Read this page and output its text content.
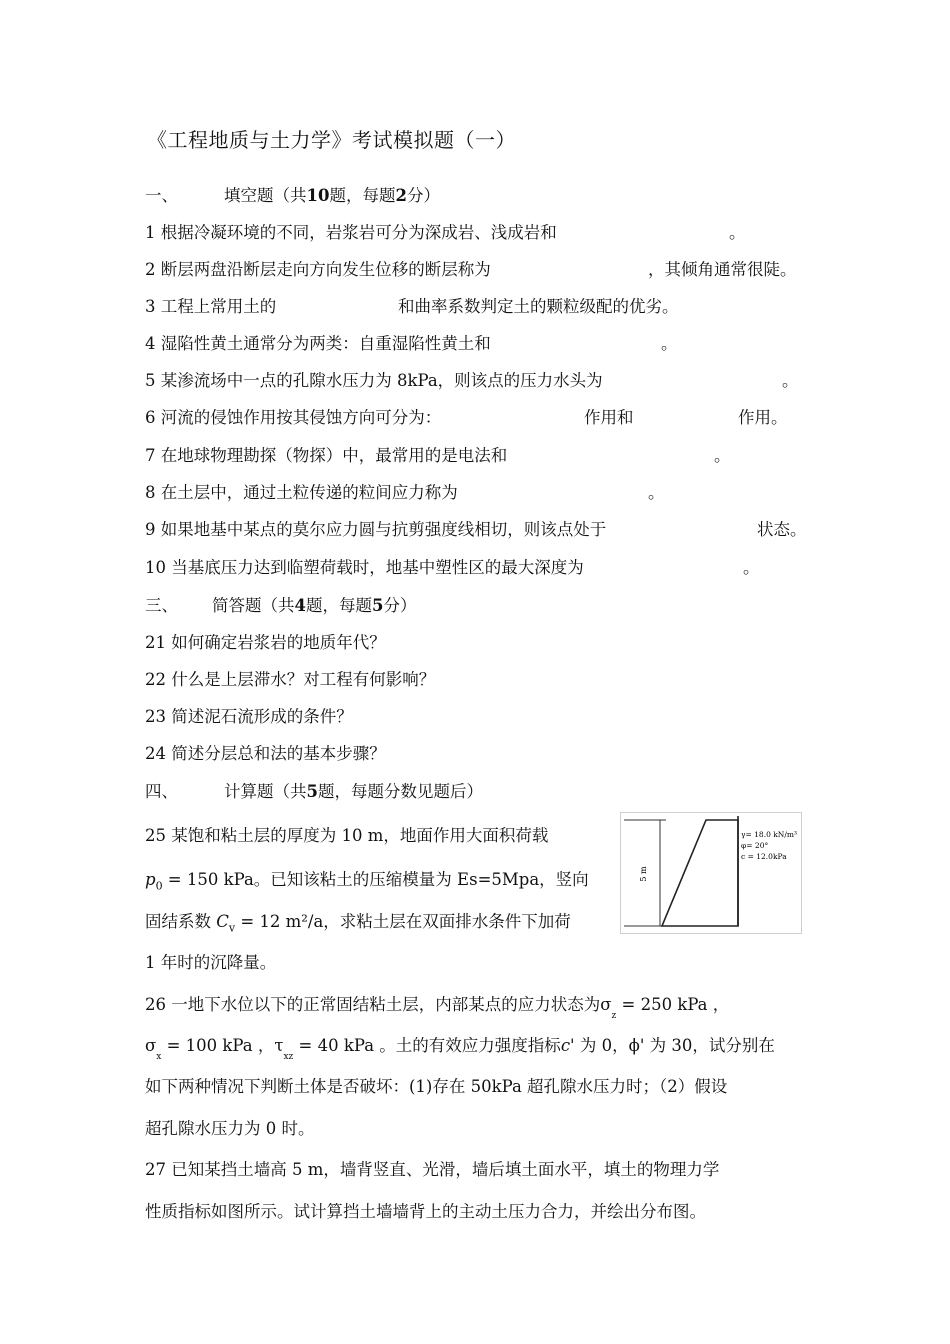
《工程地质与土力学》考试模拟题（一）
一、	填空题（共10题，每题2分）
1 根据冷凝环境的不同，岩浆岩可分为深成岩、浅成岩和	。
2 断层两盘沿断层走向方向发生位移的断层称为	，其倾角通常很陡。
3 工程上常用土的	和曲率系数判定土的颗粒级配的优劣。
4 湿陷性黄土通常分为两类：自重湿陷性黄土和	。
5 某渗流场中一点的孔隙水压力为 8kPa，则该点的压力水头为	。
6 河流的侵蚀作用按其侵蚀方向可分为：	作用和	作用。
7 在地球物理勘探（物探）中，最常用的是电法和	。
8 在土层中，通过土粒传递的粒间应力称为	。
9 如果地基中某点的莫尔应力圆与抗剪强度线相切，则该点处于	状态。
10 当基底压力达到临塑荷载时，地基中塑性区的最大深度为	。
三、 简答题（共4题，每题5分）
21 如何确定岩浆岩的地质年代？
22 什么是上层滞水？对工程有何影响？
23 简述泥石流形成的条件？
24 简述分层总和法的基本步骤？
四、	计算题（共5题，每题分数见题后）
25 某饱和粘土层的厚度为 10 m，地面作用大面积荷载
$p_0 = 150$ kPa。已知该粘土的压缩模量为 Es=5Mpa，竖向
固结系数 $C_v = 12$ m²/a，求粘土层在双面排水条件下加荷
1 年时的沉降量。
5 m
γ= 18.0 kN/m³
φ= 20°
c = 12.0kPa
26 一地下水位以下的正常固结粘土层，内部某点的应力状态为$\sigma_z = 250$ kPa ，
$\sigma_x = 100$ kPa ，$\tau_{xz} = 40$ kPa 。土的有效应力强度指标c' 为 0，ϕ' 为 30，试分别在
如下两种情况下判断土体是否破坏：(1)存在 50kPa 超孔隙水压力时；（2）假设
超孔隙水压力为 0 时。
27 已知某挡土墙高 5 m，墙背竖直、光滑，墙后填土面水平，填土的物理力学
性质指标如图所示。试计算挡土墙墙背上的主动土压力合力，并绘出分布图。
